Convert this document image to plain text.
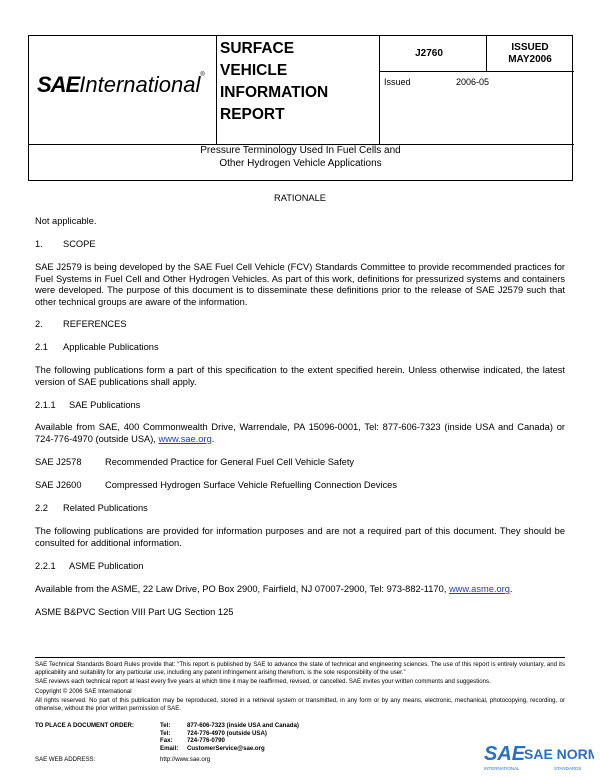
SAEInternational®
SURFACE
VEHICLE
INFORMATION
REPORT
J2760
ISSUED
MAY2006
Issued	2006-05
Pressure Terminology Used In Fuel Cells and
Other Hydrogen Vehicle Applications
RATIONALE
Not applicable.
1. SCOPE

SAE J2579 is being developed by the SAE Fuel Cell Vehicle (FCV) Standards Committee to provide recommended practices for Fuel Systems in Fuel Cell and Other Hydrogen Vehicles. As part of this work, definitions for pressurized systems and containers were developed. The purpose of this document is to disseminate these definitions prior to the release of SAE J2579 such that other technical groups are aware of the information.

2. REFERENCES
2.1 Applicable Publications

The following publications form a part of this specification to the extent specified herein. Unless otherwise indicated, the latest version of SAE publications shall apply.

2.1.1 SAE Publications

Available from SAE, 400 Commonwealth Drive, Warrendale, PA 15096-0001, Tel: 877-606-7323 (inside USA and Canada) or 724-776-4970 (outside USA), www.sae.org.

SAE J2578	Recommended Practice for General Fuel Cell Vehicle Safety
SAE J2600	Compressed Hydrogen Surface Vehicle Refuelling Connection Devices
2.2 Related Publications

The following publications are provided for information purposes and are not a required part of this document. They should be consulted for additional information.

2.2.1 ASME Publication

Available from the ASME, 22 Law Drive, PO Box 2900, Fairfield, NJ 07007-2900, Tel: 973-882-1170, www.asme.org.

ASME B&PVC Section VIII Part UG Section 125

SAE Technical Standards Board Rules provide that: “This report is published by SAE to advance the state of technical and engineering sciences. The use of this report is entirely voluntary, and its applicability and suitability for any particular use, including any patent infringement arising therefrom, is the sole responsibility of the user.”

SAE reviews each technical report at least every five years at which time it may be reaffirmed, revised, or cancelled. SAE invites your written comments and suggestions.

Copyright © 2006 SAE International

All rights reserved. No part of this publication may be reproduced, stored in a retrieval system or transmitted, in any form or by any means, electronic, mechanical, photocopying, recording, or otherwise, without the prior written permission of SAE.

TO PLACE A DOCUMENT ORDER:	Tel:	877-606-7323 (inside USA and Canada)
Tel:	724-776-4970 (outside USA)
Fax: 724-776-0790
Email: CustomerService@sae.org
SAE WEB ADDRESS:	http://www.sae.org	SAE
SAE NORM
INTERNATIONAL	STANDARDS
